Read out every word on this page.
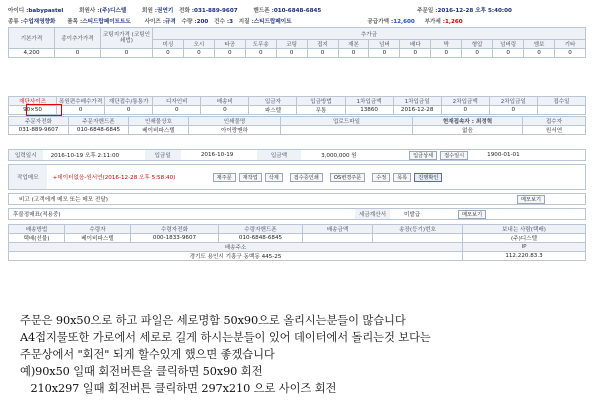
아이디 :babypastel	회원사 :(주)디스텔	회원 :권연기 전화 :031-889-9607	핸드폰 :010-6848-6845	주문일 :2016-12-28 오후 5:40:00
종류 :수업재영향화 품목 :스티드랍페이트트도 사이즈 :규격 수량 :200 건수 :3 지질 :스티드랍페이트	공급가액 :12,600 부가세 :1,260
기본가격	종이추가가격	코팅지가격 (코팅인쇄법)	추가금													
			미싱	오시	타공	도무송	코팅	접지	재본	넘버	배다	박	형압	넘버링	엠보	기타
4,200	0	0														
			0	0	0	0	0	0	0	0	0	0	0	0	0	0
재단사이즈	폭원편수배수가격	재단접수/통통가	디자인비	배송비	입금자	입금방법	1차입금액	1차입금일	2차입금액	2차입금일	접수일
90×50	0	0	0	0	파스텔	무통	13860	2016-12-28	0	0	
주문자전화	주문자핸드폰	인쇄물상호	인쇄물명	업로드파일	현재접속자 : 최정혁	접수자
031-889-9607	010-6848-6845	베이비파스텔	아이랑맨하		없음	원서연
입력일시	2016-10-19 오후 2:11:00	입금일	2016-10-19	입금액	3,000,000 원	입금상세	접수일시	1900-01-01
작업메모	+데이터없음-원서연(2016-12-28 오후 5:58:40)	재주문	재작업	삭제	접수증인쇄	OS변경주문	수정	목록	진행확인
비고 (고객에게 메모 또는 메모 전달)	메모보기
후불정매표(적용중)	세금계산서	미발급	메모보기
배송방법	수령자	수령자전화	수령자핸드폰	배송금액	송장(등기)번호	보내는 사람(택배)
택배(선불)	베이비파스텔	000-1833-9607	010-6848-6845			(주)디스텔
배송주소						IP
경기도 용인시 기흥구 동백동 445-25						112.220.83.3
주문은 90x50으로 하고 파일은 세로명함 50x90으로 올리시는분들이 많습니다
A4접지물또한 가로에서 세로로 길게 하시는분들이 있어 데이터에서 돌리는것 보다는
주문상에서 "회전" 되게 할수있게 했으면 좋겠습니다
예)90x50 일때 회전버튼을 클릭하면 50x90 회전
210x297 일때 회전버튼 클릭하면 297x210 으로 사이즈 회전
